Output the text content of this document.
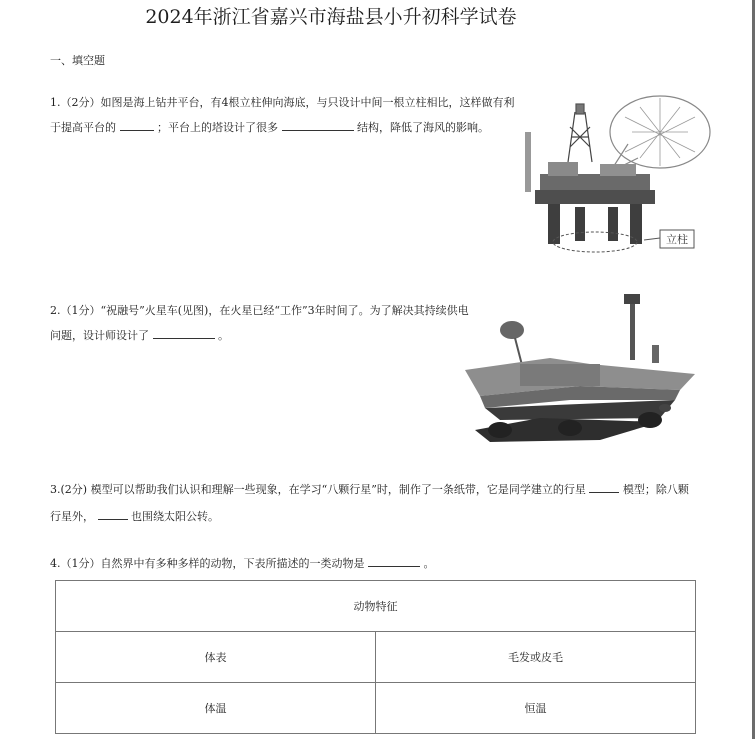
2024年浙江省嘉兴市海盐县小升初科学试卷
一、填空题
1.（2分）如图是海上钻井平台，有4根立柱伸向海底，与只设计中间一根立柱相比，这样做有利于提高平台的	；平台上的塔设计了很多	结构，降低了海风的影响。
立柱
2.（1分）“祝融号”火星车(见图)，在火星已经“工作”3年时间了。为了解决其持续供电问题，设计师设计了	。
3.(2分) 模型可以帮助我们认识和理解一些现象，在学习“八颗行星”时，制作了一条纸带，它是同学建立的行星	模型；除八颗行星外，	也围绕太阳公转。
4.（1分）自然界中有多种多样的动物，下表所描述的一类动物是	。
动物特征	
体表	毛发或皮毛
体温	恒温
